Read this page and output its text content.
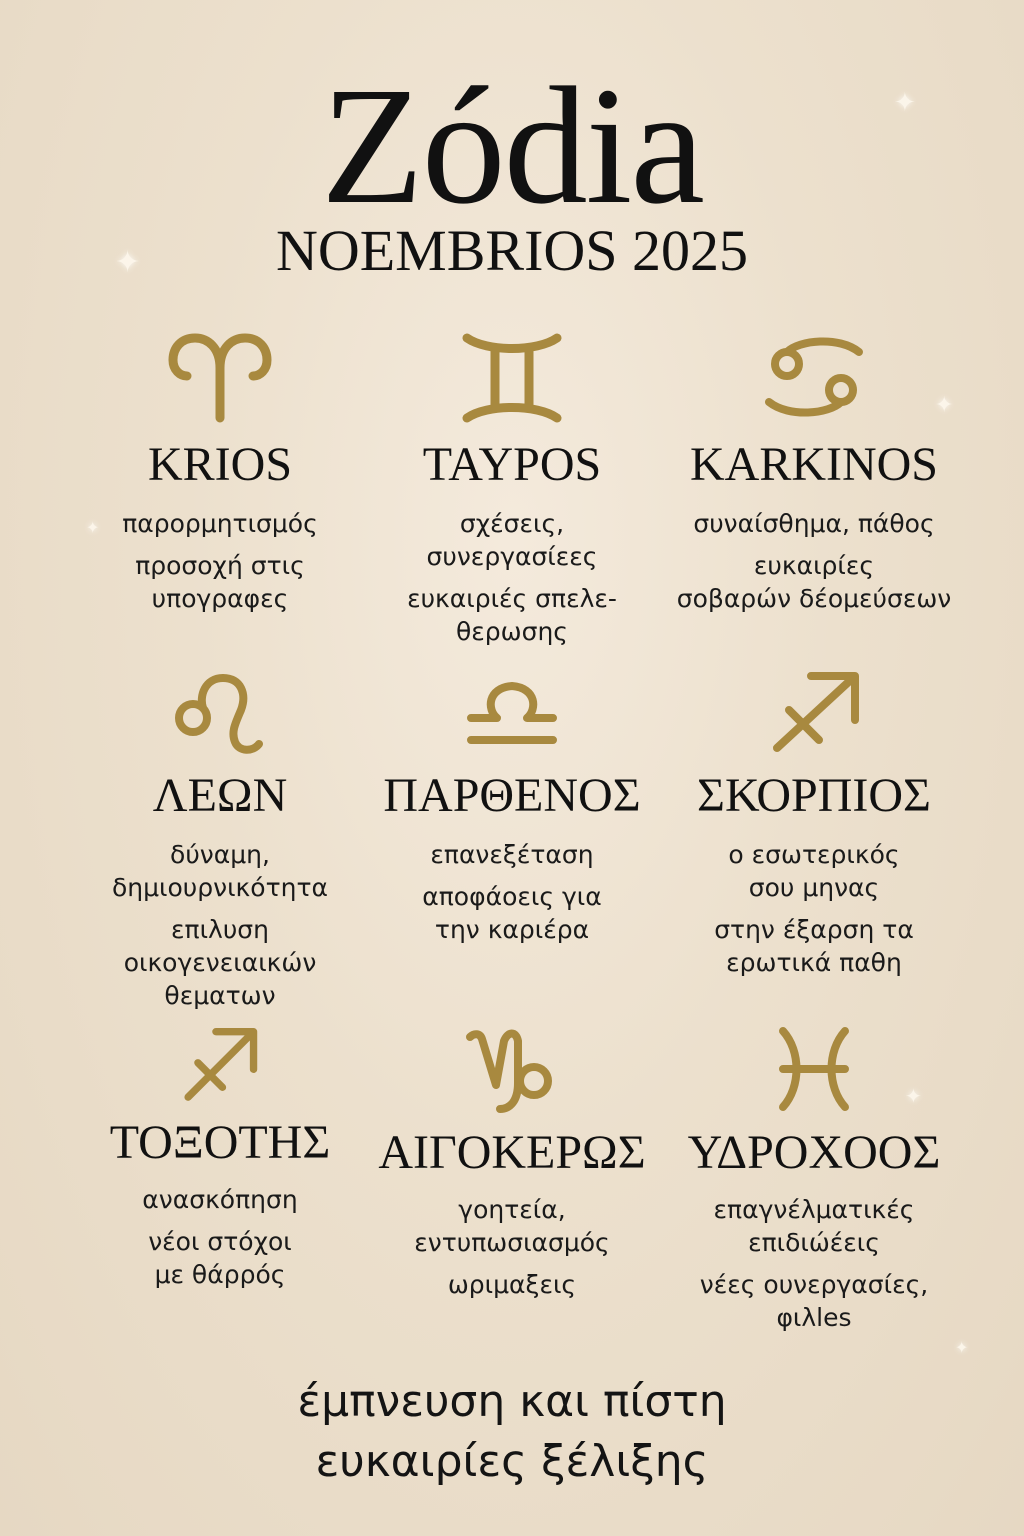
✦
✦
✦
✦
✦
✦
Zódia
NOEMBRIOS 2025
KRIOS
παρορμητισμός
προσοχή στις
υπογραφες
TAYPOS
σχέσεις,
συνεργασίεες
ευκαιριές σπελε-
θερωσης
KARKINOS
συναίσθημα, πάθος
ευκαιρίες
σοβαρών δέομεύσεων
ΛΕΩΝ
δύναμη,
δημιουρνικότητα
επιλυση
οικογενειαικών
θεματων
ΠΑΡΘΕΝΟΣ
επανεξέταση
αποφάοεις για
την καριέρα
ΣΚΟΡΠΙΟΣ
ο εσωτερικός
σου μηνας
στην έξαρση τα
ερωτικά παθη
ΤΟΞΟΤΗΣ
ανασκόπηση
νέοι στόχοι
με θάρρός
ΑΙΓΟΚΕΡΩΣ
γοητεία,
εντυπωσιασμός
ωριμαξεις
ΥΔΡΟΧΟΟΣ
επαγνέλματικές
επιδιώέεις
νέες ουνεργασίες,
φιλles
έμπνευση και πίστη
ευκαιρίες ξέλιξης
